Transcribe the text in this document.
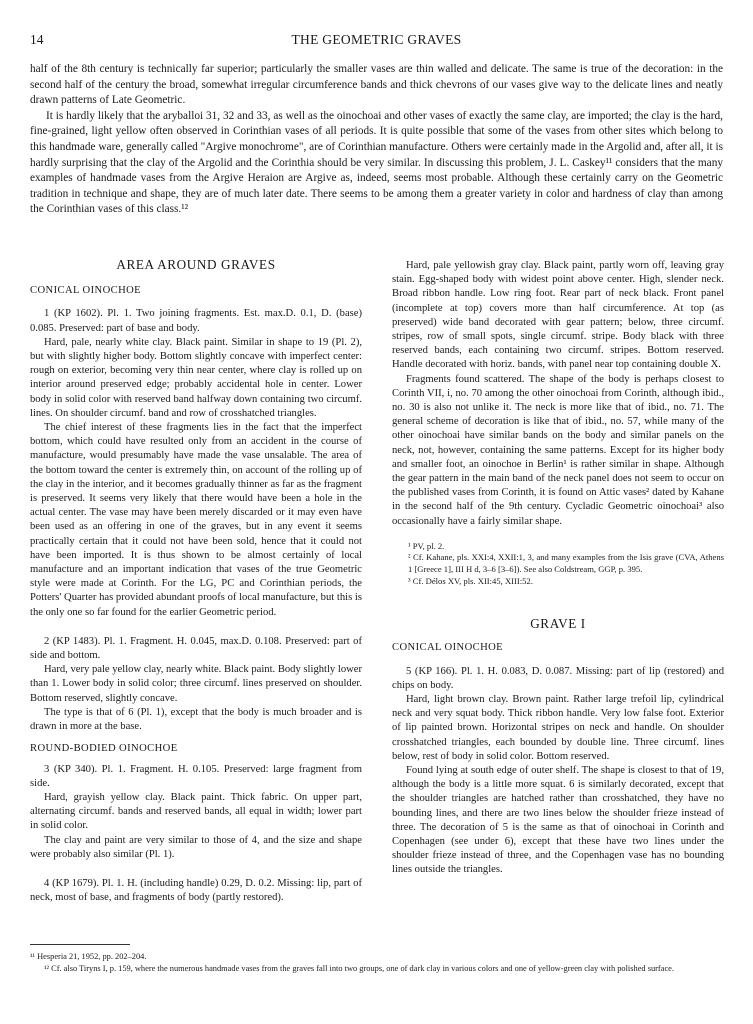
14	THE GEOMETRIC GRAVES

half of the 8th century is technically far superior; particularly the smaller vases are thin walled and delicate. The same is true of the decoration: in the second half of the century the broad, somewhat irregular circumference bands and thick chevrons of our vases give way to the delicate lines and neatly drawn patterns of Late Geometric.

It is hardly likely that the aryballoi 31, 32 and 33, as well as the oinochoai and other vases of exactly the same clay, are imported; the clay is the hard, fine-grained, light yellow often observed in Corinthian vases of all periods. It is quite possible that some of the vases from other sites which belong to this handmade ware, generally called "Argive monochrome", are of Corinthian manufacture. Others were certainly made in the Argolid and, after all, it is hardly surprising that the clay of the Argolid and the Corinthia should be very similar. In discussing this problem, J. L. Caskey¹¹ considers that the many examples of handmade vases from the Argive Heraion are Argive as, indeed, seems most probable. Although these certainly carry on the Geometric tradition in technique and shape, they are of much later date. There seems to be among them a greater variety in color and hardness of clay than among the Corinthian vases of this class.¹²

AREA AROUND GRAVES
CONICAL OINOCHOE

1 (KP 1602). Pl. 1. Two joining fragments. Est. max.D. 0.1, D. (base) 0.085. Preserved: part of base and body.

Hard, pale, nearly white clay. Black paint. Similar in shape to 19 (Pl. 2), but with slightly higher body. Bottom slightly concave with imperfect center: rough on exterior, becoming very thin near center, where clay is rolled up on interior around preserved edge; probably accidental hole in center. Lower body in solid color with reserved band halfway down containing two circumf. lines. On shoulder circumf. band and row of crosshatched triangles.

The chief interest of these fragments lies in the fact that the imperfect bottom, which could have resulted only from an accident in the course of manufacture, would presumably have made the vase unsalable. The area of the bottom toward the center is extremely thin, on account of the rolling up of the clay in the interior, and it becomes gradually thinner as far as the fragment is preserved. It seems very likely that there would have been a hole in the actual center. The vase may have been merely discarded or it may even have been used as an offering in one of the graves, but in any event it seems practically certain that it could not have been sold, hence that it could not have been imported. It is thus shown to be almost certainly of local manufacture and an important indication that vases of the true Geometric style were made at Corinth. For the LG, PC and Corinthian periods, the Potters' Quarter has provided abundant proofs of local manufacture, but this is the only one so far found for the earlier Geometric period.

2 (KP 1483). Pl. 1. Fragment. H. 0.045, max.D. 0.108. Preserved: part of side and bottom.

Hard, very pale yellow clay, nearly white. Black paint. Body slightly lower than 1. Lower body in solid color; three circumf. lines preserved on shoulder. Bottom reserved, slightly concave.

The type is that of 6 (Pl. 1), except that the body is much broader and is drawn in more at the base.

ROUND-BODIED OINOCHOE

3 (KP 340). Pl. 1. Fragment. H. 0.105. Preserved: large fragment from side.

Hard, grayish yellow clay. Black paint. Thick fabric. On upper part, alternating circumf. bands and reserved bands, all equal in width; lower part in solid color.

The clay and paint are very similar to those of 4, and the size and shape were probably also similar (Pl. 1).

4 (KP 1679). Pl. 1. H. (including handle) 0.29, D. 0.2. Missing: lip, part of neck, most of base, and fragments of body (partly restored).

Hard, pale yellowish gray clay. Black paint, partly worn off, leaving gray stain. Egg-shaped body with widest point above center. High, slender neck. Broad ribbon handle. Low ring foot. Rear part of neck black. Front panel (incomplete at top) covers more than half circumference. At top (as preserved) wide band decorated with gear pattern; below, three circumf. stripes, row of small spots, single circumf. stripe. Body black with three reserved bands, each containing two circumf. stripes. Bottom reserved. Handle decorated with horiz. bands, with panel near top containing double X.

Fragments found scattered. The shape of the body is perhaps closest to Corinth VII, i, no. 70 among the other oinochoai from Corinth, although ibid., no. 30 is also not unlike it. The neck is more like that of ibid., no. 71. The general scheme of decoration is like that of ibid., no. 57, while many of the other oinochoai have similar bands on the body and similar panels on the neck, not, however, containing the same patterns. Except for its higher body and smaller foot, an oinochoe in Berlin¹ is rather similar in shape. Although the gear pattern in the main band of the neck panel does not seem to occur on the published vases from Corinth, it is found on Attic vases² dated by Kahane in the second half of the 9th century. Cycladic Geometric oinochoai³ also occasionally have a fairly similar shape.

¹ PV, pl. 2.

² Cf. Kahane, pls. XXI:4, XXII:1, 3, and many examples from the Isis grave (CVA, Athens 1 [Greece 1], III H d, 3–6 [3–6]). See also Coldstream, GGP, p. 395.

³ Cf. Délos XV, pls. XII:45, XIII:52.

GRAVE I
CONICAL OINOCHOE

5 (KP 166). Pl. 1. H. 0.083, D. 0.087. Missing: part of lip (restored) and chips on body.

Hard, light brown clay. Brown paint. Rather large trefoil lip, cylindrical neck and very squat body. Thick ribbon handle. Very low false foot. Exterior of lip painted brown. Horizontal stripes on neck and handle. On shoulder crosshatched triangles, each bounded by double line. Three circumf. lines below, rest of body in solid color. Bottom reserved.

Found lying at south edge of outer shelf. The shape is closest to that of 19, although the body is a little more squat. 6 is similarly decorated, except that the shoulder triangles are hatched rather than crosshatched, they have no bounding lines, and there are two lines below the shoulder frieze instead of three. The decoration of 5 is the same as that of oinochoai in Corinth and Copenhagen (see under 6), except that these have two lines under the shoulder frieze instead of three, and the Copenhagen vase has no bounding lines outside the triangles.

¹¹ Hesperia 21, 1952, pp. 202–204.

¹² Cf. also Tiryns I, p. 159, where the numerous handmade vases from the graves fall into two groups, one of dark clay in various colors and one of yellow-green clay with polished surface.
